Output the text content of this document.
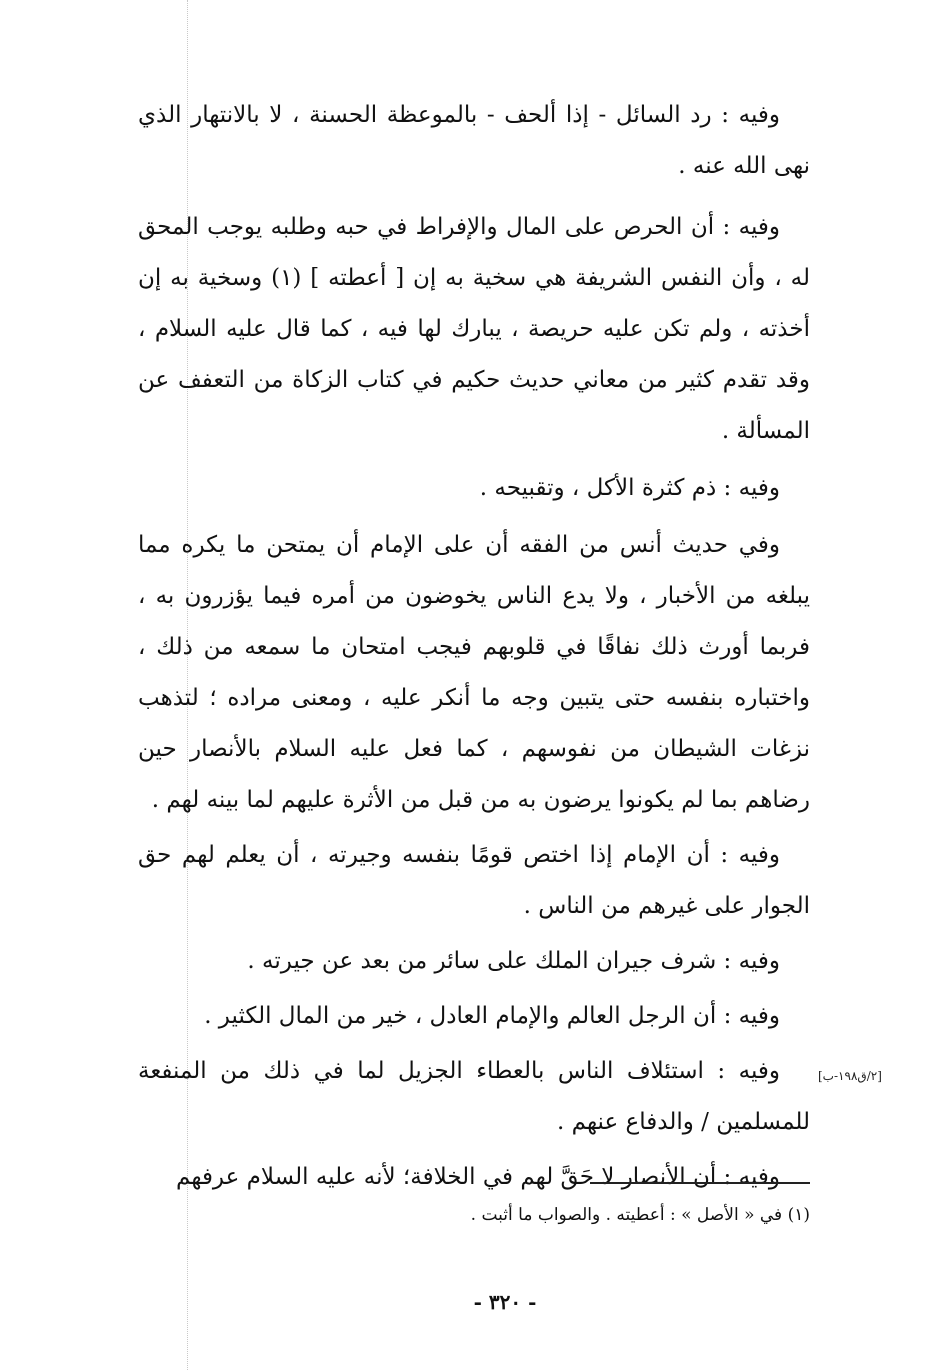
وفيه : رد السائل - إذا ألحف - بالموعظة الحسنة ، لا بالانتهار الذي نهى الله عنه .

وفيه : أن الحرص على المال والإفراط في حبه وطلبه يوجب المحق له ، وأن النفس الشريفة هي سخية به إن [ أعطته ] (١) وسخية به إن أخذته ، ولم تكن عليه حريصة ، يبارك لها فيه ، كما قال عليه السلام ، وقد تقدم كثير من معاني حديث حكيم في كتاب الزكاة من التعفف عن المسألة .

وفيه : ذم كثرة الأكل ، وتقبيحه .

وفي حديث أنس من الفقه أن على الإمام أن يمتحن ما يكره مما يبلغه من الأخبار ، ولا يدع الناس يخوضون من أمره فيما يؤزرون به ، فربما أورث ذلك نفاقًا في قلوبهم فيجب امتحان ما سمعه من ذلك ، واختباره بنفسه حتى يتبين وجه ما أنكر عليه ، ومعنى مراده ؛ لتذهب نزغات الشيطان من نفوسهم ، كما فعل عليه السلام بالأنصار حين رضاهم بما لم يكونوا يرضون به من قبل من الأثرة عليهم لما بينه لهم .

وفيه : أن الإمام إذا اختص قومًا بنفسه وجيرته ، أن يعلم لهم حق الجوار على غيرهم من الناس .

وفيه : شرف جيران الملك على سائر من بعد عن جيرته .

وفيه : أن الرجل العالم والإمام العادل ، خير من المال الكثير .

وفيه : استئلاف الناس بالعطاء الجزيل لما في ذلك من المنفعة للمسلمين / والدفاع عنهم .

وفيه : أن الأنصار لا حَقَّ لهم في الخلافة؛ لأنه عليه السلام عرفهم

[٢/ق١٩٨-ب]
(١) في « الأصل » : أعطيته . والصواب ما أثبت .
- ٣٢٠ -
